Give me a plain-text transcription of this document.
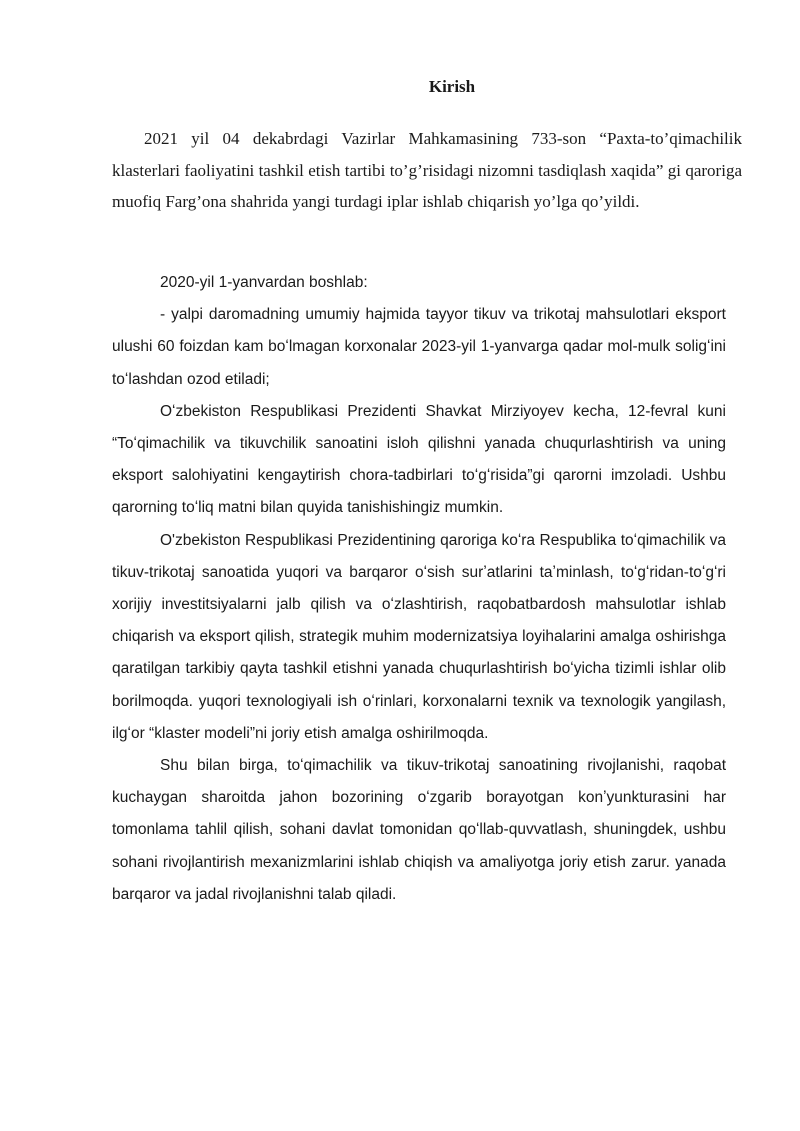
Kirish

2021 yil 04 dekabrdagi Vazirlar Mahkamasining 733-son “Paxta-to’qimachilik klasterlari faoliyatini tashkil etish tartibi to’g’risidagi nizomni tasdiqlash xaqida” gi qaroriga muofiq Farg’ona shahrida yangi turdagi iplar ishlab chiqarish yo’lga qo’yildi.

2020-yil 1-yanvardan boshlab:

- yalpi daromadning umumiy hajmida tayyor tikuv va trikotaj mahsulotlari eksport ulushi 60 foizdan kam boʻlmagan korxonalar 2023-yil 1-yanvarga qadar mol-mulk soligʻini toʻlashdan ozod etiladi;

Oʻzbekiston Respublikasi Prezidenti Shavkat Mirziyoyev kecha, 12-fevral kuni “Toʻqimachilik va tikuvchilik sanoatini isloh qilishni yanada chuqurlashtirish va uning eksport salohiyatini kengaytirish chora-tadbirlari toʻgʻrisida”gi qarorni imzoladi. Ushbu qarorning toʻliq matni bilan quyida tanishishingiz mumkin.

O'zbekiston Respublikasi Prezidentining qaroriga koʻra Respublika toʻqimachilik va tikuv-trikotaj sanoatida yuqori va barqaror oʻsish surʼatlarini taʼminlash, toʻgʻridan-toʻgʻri xorijiy investitsiyalarni jalb qilish va oʻzlashtirish, raqobatbardosh mahsulotlar ishlab chiqarish va eksport qilish, strategik muhim modernizatsiya loyihalarini amalga oshirishga qaratilgan tarkibiy qayta tashkil etishni yanada chuqurlashtirish boʻyicha tizimli ishlar olib borilmoqda. yuqori texnologiyali ish oʻrinlari, korxonalarni texnik va texnologik yangilash, ilgʻor “klaster modeli”ni joriy etish amalga oshirilmoqda.

Shu bilan birga, toʻqimachilik va tikuv-trikotaj sanoatining rivojlanishi, raqobat kuchaygan sharoitda jahon bozorining oʻzgarib borayotgan konʼyunkturasini har tomonlama tahlil qilish, sohani davlat tomonidan qoʻllab-quvvatlash, shuningdek, ushbu sohani rivojlantirish mexanizmlarini ishlab chiqish va amaliyotga joriy etish zarur. yanada barqaror va jadal rivojlanishni talab qiladi.
